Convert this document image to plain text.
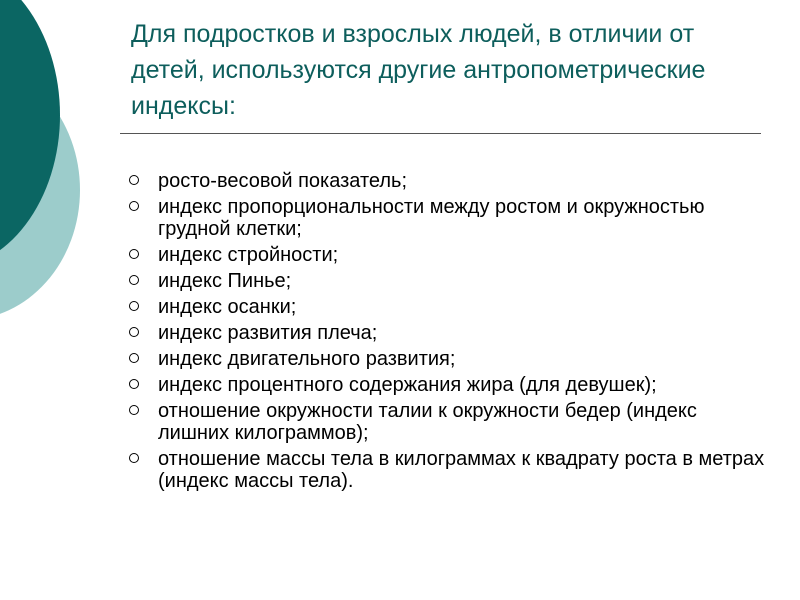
Для подростков и взрослых людей, в отличии от детей, используются другие антропометрические индексы:
росто-весовой показатель;
индекс пропорциональности между ростом и окружностью грудной клетки;
индекс стройности;
индекс Пинье;
индекс осанки;
индекс развития плеча;
индекс двигательного развития;
индекс процентного содержания жира (для девушек);
отношение окружности талии к окружности бедер (индекс лишних килограммов);
отношение массы тела в килограммах к квадрату роста в метрах (индекс массы тела).
